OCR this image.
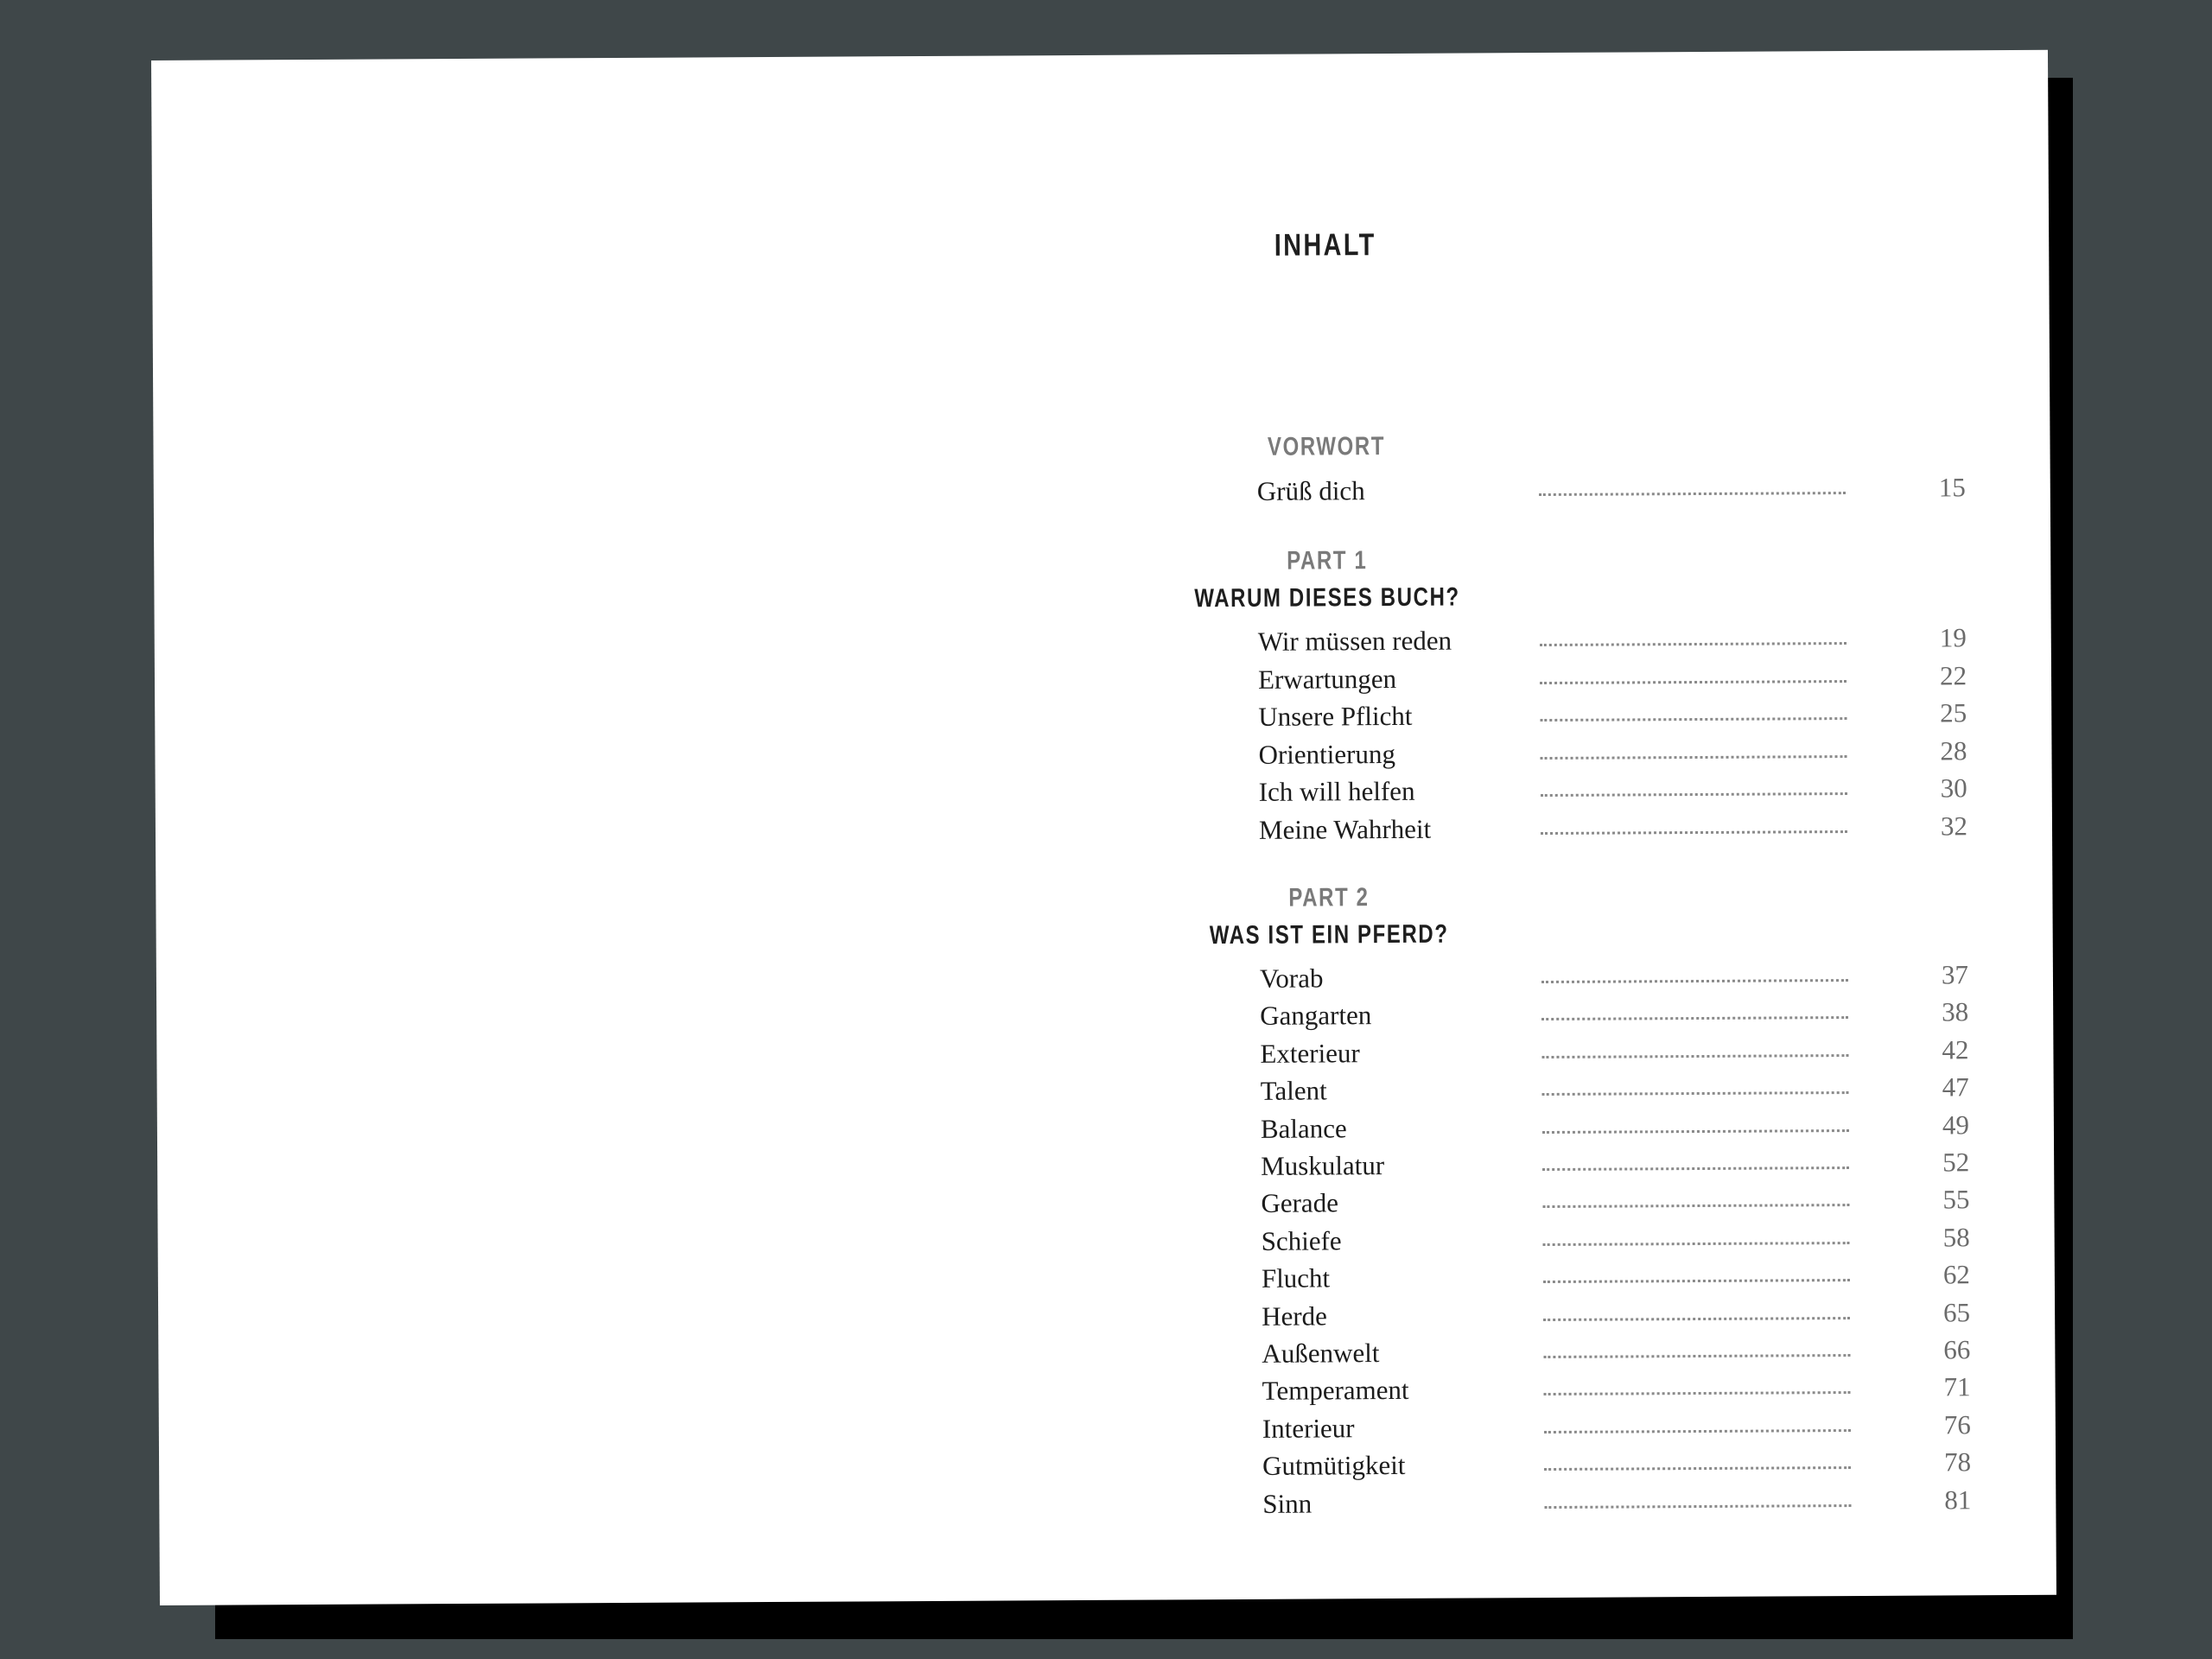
INHALT
VORWORT
Grüß dich	15
PART 1
WARUM DIESES BUCH?
Wir müssen reden	19
Erwartungen	22
Unsere Pflicht	25
Orientierung	28
Ich will helfen	30
Meine Wahrheit	32
PART 2
WAS IST EIN PFERD?
Vorab	37
Gangarten	38
Exterieur	42
Talent	47
Balance	49
Muskulatur	52
Gerade	55
Schiefe	58
Flucht	62
Herde	65
Außenwelt	66
Temperament	71
Interieur	76
Gutmütigkeit	78
Sinn	81
